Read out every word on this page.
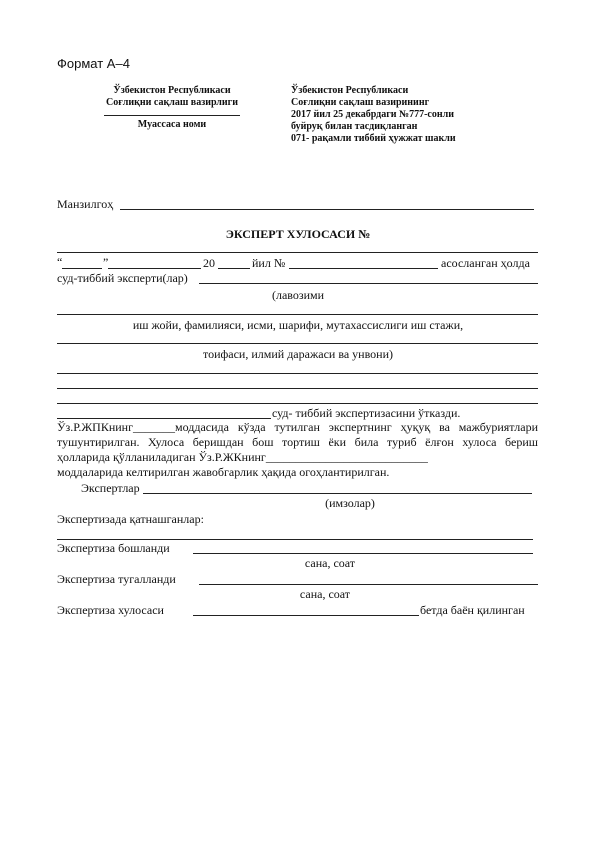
Формат А–4
Ўзбекистон Республикаси
Соғлиқни сақлаш вазирлиги
Муассаса номи
Ўзбекистон Республикаси
Соғлиқни сақлаш вазирининг
2017 йил 25 декабрдаги №777-сонли
буйруқ билан тасдиқланган
071- рақамли тиббий ҳужжат шакли
Манзилгоҳ
ЭКСПЕРТ ХУЛОСАСИ №
“	”	20	йил №	асосланган ҳолда
суд-тиббий эксперти(лар)
(лавозими
иш жойи, фамилияси, исми, шарифи, мутахассислиги иш стажи,
тоифаси, илмий даражаси ва унвони)
суд- тиббий экспертизасини ўтказди.
Ўз.Р.ЖПКнинг_______моддасида кўзда тутилган экспертнинг ҳуқуқ ва мажбуриятлари тушунтирилган. Хулоса беришдан бош тортиш ёки била туриб ёлғон хулоса бериш ҳолларида қўлланиладиган Ўз.Р.ЖКнинг___________________________
моддаларида келтирилган жавобгарлик ҳақида огоҳлантирилган.
Экспертлар
(имзолар)
Экспертизада қатнашганлар:
Экспертиза бошланди
сана, соат
Экспертиза тугалланди
сана, соат
Экспертиза хулосаси	бетда баён қилинган
